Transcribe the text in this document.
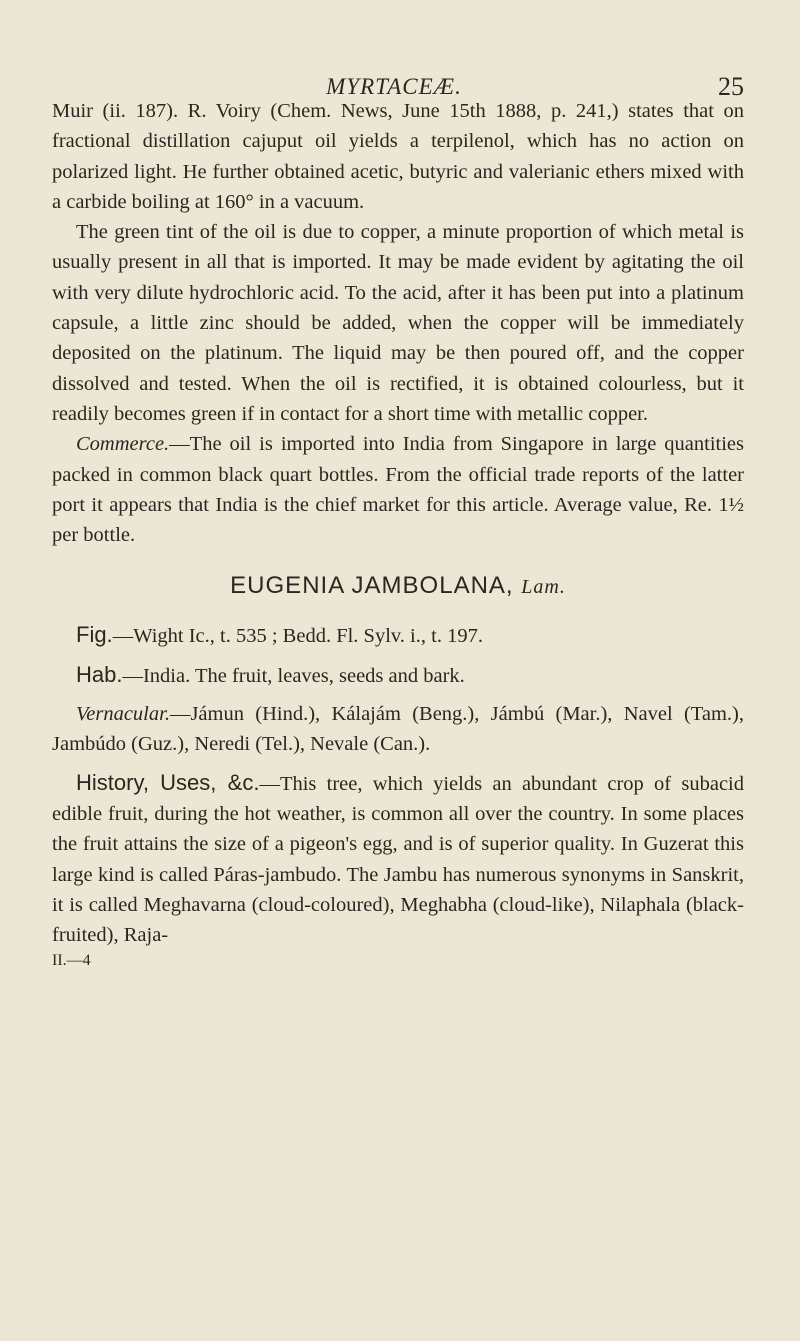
MYRTACEÆ.	25

Muir (ii. 187). R. Voiry (Chem. News, June 15th 1888, p. 241,) states that on fractional distillation cajuput oil yields a terpilenol, which has no action on polarized light. He further obtained acetic, butyric and valerianic ethers mixed with a carbide boiling at 160° in a vacuum.

The green tint of the oil is due to copper, a minute proportion of which metal is usually present in all that is imported. It may be made evident by agitating the oil with very dilute hydrochloric acid. To the acid, after it has been put into a platinum capsule, a little zinc should be added, when the copper will be immediately deposited on the platinum. The liquid may be then poured off, and the copper dissolved and tested. When the oil is rectified, it is obtained colourless, but it readily becomes green if in contact for a short time with metallic copper.

Commerce.—The oil is imported into India from Singapore in large quantities packed in common black quart bottles. From the official trade reports of the latter port it appears that India is the chief market for this article. Average value, Re. 1½ per bottle.

EUGENIA JAMBOLANA, Lam.

Fig.—Wight Ic., t. 535 ; Bedd. Fl. Sylv. i., t. 197.

Hab.—India. The fruit, leaves, seeds and bark.

Vernacular.—Jámun (Hind.), Kálajám (Beng.), Jámbú (Mar.), Navel (Tam.), Jambúdo (Guz.), Neredi (Tel.), Nevale (Can.).

History, Uses, &c.—This tree, which yields an abundant crop of subacid edible fruit, during the hot weather, is common all over the country. In some places the fruit attains the size of a pigeon's egg, and is of superior quality. In Guzerat this large kind is called Páras-jambudo. The Jambu has numerous synonyms in Sanskrit, it is called Meghavarna (cloud-coloured), Meghabha (cloud-like), Nilaphala (black-fruited), Raja-

II.—4
